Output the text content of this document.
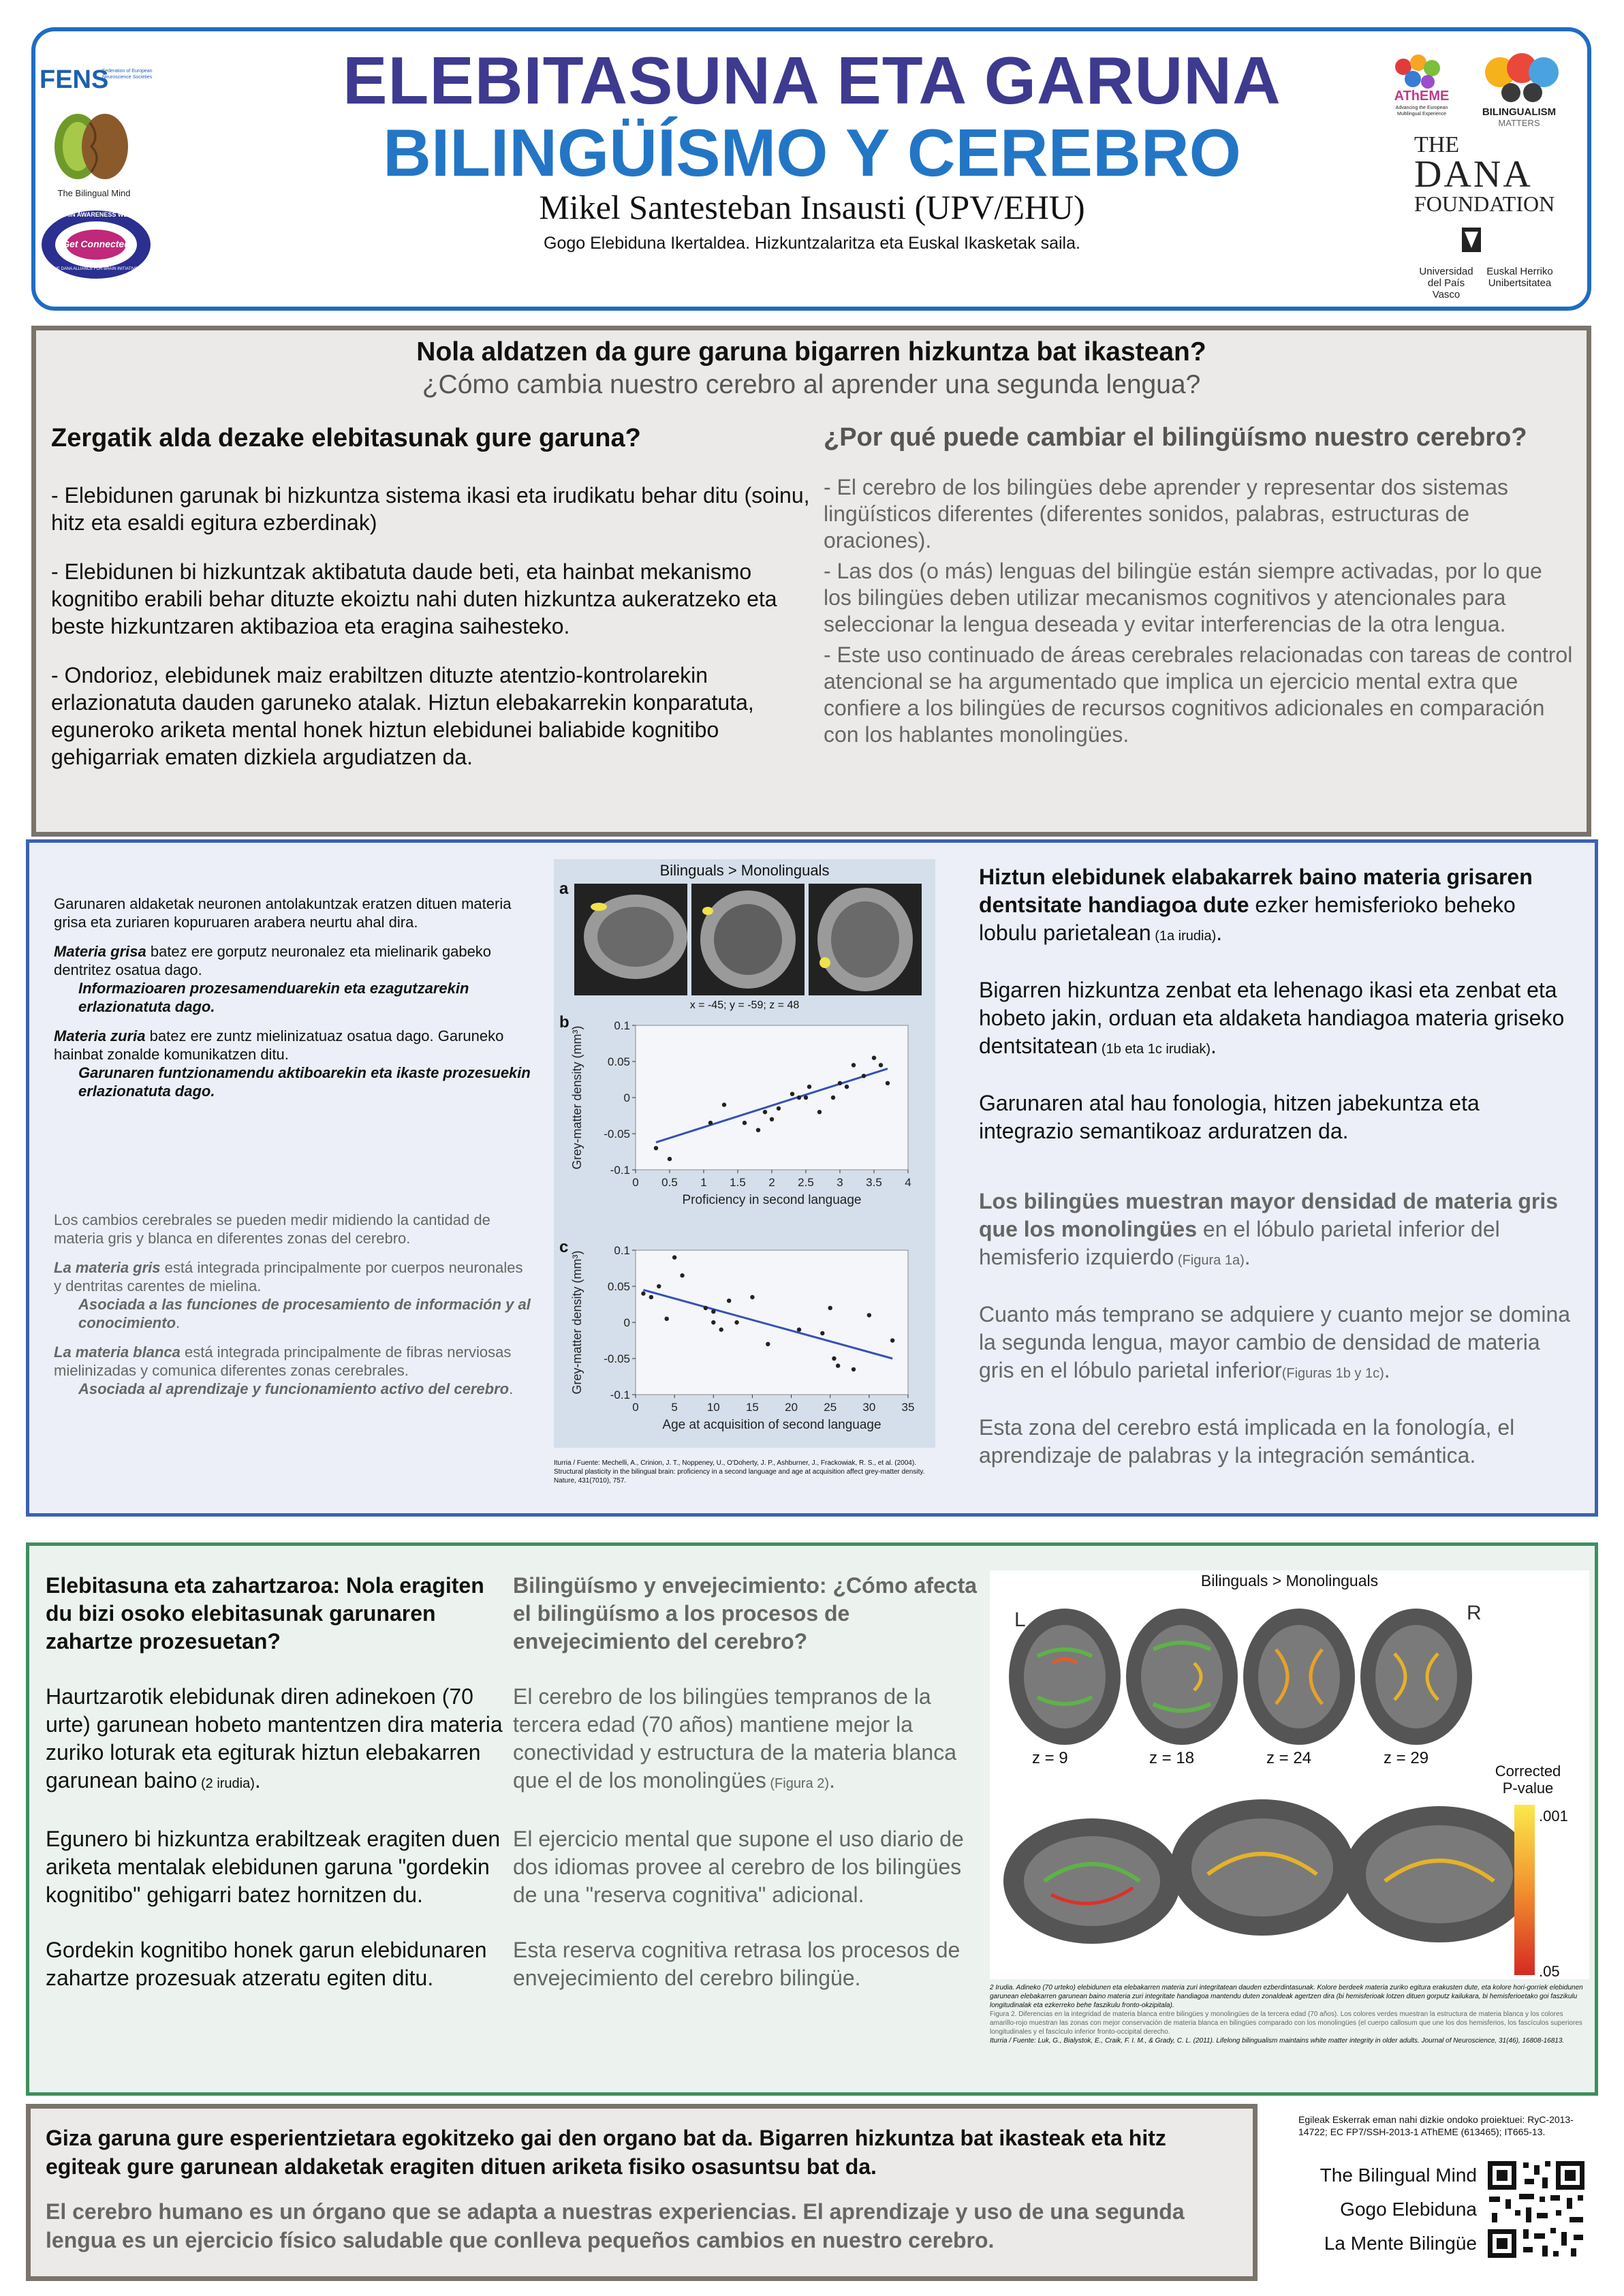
ELEBITASUNA ETA GARUNA
BILINGÜÍSMO Y CEREBRO
Mikel Santesteban Insausti (UPV/EHU)
Gogo Elebiduna Ikertaldea. Hizkuntzalaritza eta Euskal Ikasketak saila.
FENS
Federation of European Neuroscience Societies
The Bilingual Mind
BRAIN AWARENESS WEEK
Get Connected
THE DANA ALLIANCE FOR BRAIN INITIATIVES
AThEME
Advancing the European
Multilingual Experience	BILINGUALISM
MATTERS
THE
DANA
FOUNDATION
Universidad
del País Vasco
Euskal Herriko
Unibertsitatea
Nola aldatzen da gure garuna bigarren hizkuntza bat ikastean?
¿Cómo cambia nuestro cerebro al aprender una segunda lengua?
Zergatik alda dezake elebitasunak gure garuna?

- Elebidunen garunak bi hizkuntza sistema ikasi eta irudikatu behar ditu (soinu, hitz eta esaldi egitura ezberdinak)

- Elebidunen bi hizkuntzak aktibatuta daude beti, eta hainbat mekanismo kognitibo erabili behar dituzte ekoiztu nahi duten hizkuntza aukeratzeko eta beste hizkuntzaren aktibazioa eta eragina saihesteko.

- Ondorioz, elebidunek maiz erabiltzen dituzte atentzio-kontrolarekin erlazionatuta dauden garuneko atalak. Hiztun elebakarrekin konparatuta, eguneroko ariketa mental honek hiztun elebidunei baliabide kognitibo gehigarriak ematen dizkiela argudiatzen da.

¿Por qué puede cambiar el bilingüísmo nuestro cerebro?

- El cerebro de los bilingües debe aprender y representar dos sistemas lingüísticos diferentes (diferentes sonidos, palabras, estructuras de oraciones).

- Las dos (o más) lenguas del bilingüe están siempre activadas, por lo que los bilingües deben utilizar mecanismos cognitivos y atencionales para seleccionar la lengua deseada y evitar interferencias de la otra lengua.

- Este uso continuado de áreas cerebrales relacionadas con tareas de control atencional se ha argumentado que implica un ejercicio mental extra que confiere a los bilingües de recursos cognitivos adicionales en comparación con los hablantes monolingües.

Garunaren aldaketak neuronen antolakuntzak eratzen dituen materia grisa eta zuriaren kopuruaren arabera neurtu ahal dira.

Materia grisa batez ere gorputz neuronalez eta mielinarik gabeko dentritez osatua dago.

Informazioaren prozesamenduarekin eta ezagutzarekin erlazionatuta dago.

Materia zuria batez ere zuntz mielinizatuaz osatua dago. Garuneko hainbat zonalde komunikatzen ditu.

Garunaren funtzionamendu aktiboarekin eta ikaste prozesuekin erlazionatuta dago.

Los cambios cerebrales se pueden medir midiendo la cantidad de materia gris y blanca en diferentes zonas del cerebro.

La materia gris está integrada principalmente por cuerpos neuronales y dentritas carentes de mielina.

Asociada a las funciones de procesamiento de información y al conocimiento.

La materia blanca está integrada principalmente de fibras nerviosas mielinizadas y comunica diferentes zonas cerebrales.

Asociada al aprendizaje y funcionamiento activo del cerebro.

Bilinguals > Monolinguals
a
x = -45; y = -59; z = 48
b
0 0.5 1 1.5 2 2.5 3 3.5 4
-0.1
-0.05
0
0.05
0.1
Proficiency in second language
Grey-matter density (mm³)
c
0	5	10 15 20 25 30 35
-0.1
-0.05
0
0.05
0.1
Age at acquisition of second language
Grey-matter density (mm³)
Iturria / Fuente: Mechelli, A., Crinion, J. T., Noppeney, U., O'Doherty, J. P., Ashburner, J., Frackowiak, R. S., et al. (2004). Structural plasticity in the bilingual brain: proficiency in a second language and age at acquisition affect grey-matter density. Nature, 431(7010), 757.

Hiztun elebidunek elabakarrek baino materia grisaren dentsitate handiagoa dute ezker hemisferioko beheko lobulu parietalean (1a irudia).

Bigarren hizkuntza zenbat eta lehenago ikasi eta zenbat eta hobeto jakin, orduan eta aldaketa handiagoa materia griseko dentsitatean (1b eta 1c irudiak).

Garunaren atal hau fonologia, hitzen jabekuntza eta integrazio semantikoaz arduratzen da.

Los bilingües muestran mayor densidad de materia gris que los monolingües en el lóbulo parietal inferior del hemisferio izquierdo (Figura 1a).

Cuanto más temprano se adquiere y cuanto mejor se domina la segunda lengua, mayor cambio de densidad de materia gris en el lóbulo parietal inferior(Figuras 1b y 1c).

Esta zona del cerebro está implicada en la fonología, el aprendizaje de palabras y la integración semántica.

Elebitasuna eta zahartzaroa: Nola eragiten du bizi osoko elebitasunak garunaren zahartze prozesuetan?

Haurtzarotik elebidunak diren adinekoen (70 urte) garunean hobeto mantentzen dira materia zuriko loturak eta egiturak hiztun elebakarren garunean baino (2 irudia).

Egunero bi hizkuntza erabiltzeak eragiten duen ariketa mentalak elebidunen garuna "gordekin kognitibo" gehigarri batez hornitzen du.

Gordekin kognitibo honek garun elebidunaren zahartze prozesuak atzeratu egiten ditu.

Bilingüísmo y envejecimiento: ¿Cómo afecta el bilingüísmo a los procesos de envejecimiento del cerebro?

El cerebro de los bilingües tempranos de la tercera edad (70 años) mantiene mejor la conectividad y estructura de la materia blanca que el de los monolingües (Figura 2).

El ejercicio mental que supone el uso diario de dos idiomas provee al cerebro de los bilingües de una "reserva cognitiva" adicional.

Esta reserva cognitiva retrasa los procesos de envejecimiento del cerebro bilingüe.

Bilinguals > Monolinguals
L	R
z = 9	z = 18	z = 24	z = 29
x = 19	x = 10	x = -10
Corrected
P-value
.001
.05

2 Irudia. Adineko (70 urteko) elebidunen eta elebakarren materia zuri integritatean dauden ezberdintasunak. Kolore berdeek materia zuriko egitura erakusten dute, eta kolore hori-gorriek elebidunen garunean elebakarren garunean baino materia zuri integritate handiagoa mantendu duten zonaldeak agertzen dira (bi hemisferioak lotzen dituen gorputz kailukara, bi hemisferioetako goi faszikulu longitudinalak eta ezkerreko behe faszikulu fronto-okzipitala).

Figura 2. Diferencias en la integridad de materia blanca entre bilingües y monolingües de la tercera edad (70 años). Los colores verdes muestran la estructura de materia blanca y los colores amarillo-rojo muestran las zonas con mejor conservación de materia blanca en bilingües comparado con los monolingües (el cuerpo callosum que une los dos hemisferios, los fascículos superiores longitudinales y el fascículo inferior fronto-occipital derecho.

Iturria / Fuente: Luk, G., Bialystok, E., Craik, F. I. M., & Grady, C. L. (2011). Lifelong bilingualism maintains white matter integrity in older adults. Journal of Neuroscience, 31(46), 16808-16813.

Giza garuna gure esperientzietara egokitzeko gai den organo bat da. Bigarren hizkuntza bat ikasteak eta hitz egiteak gure garunean aldaketak eragiten dituen ariketa fisiko osasuntsu bat da.
El cerebro humano es un órgano que se adapta a nuestras experiencias. El aprendizaje y uso de una segunda lengua es un ejercicio físico saludable que conlleva pequeños cambios en nuestro cerebro.
Egileak Eskerrak eman nahi dizkie ondoko proiektuei: RyC-2013-14722; EC FP7/SSH-2013-1 AThEME (613465); IT665-13.
The Bilingual Mind
Gogo Elebiduna
La Mente Bilingüe
